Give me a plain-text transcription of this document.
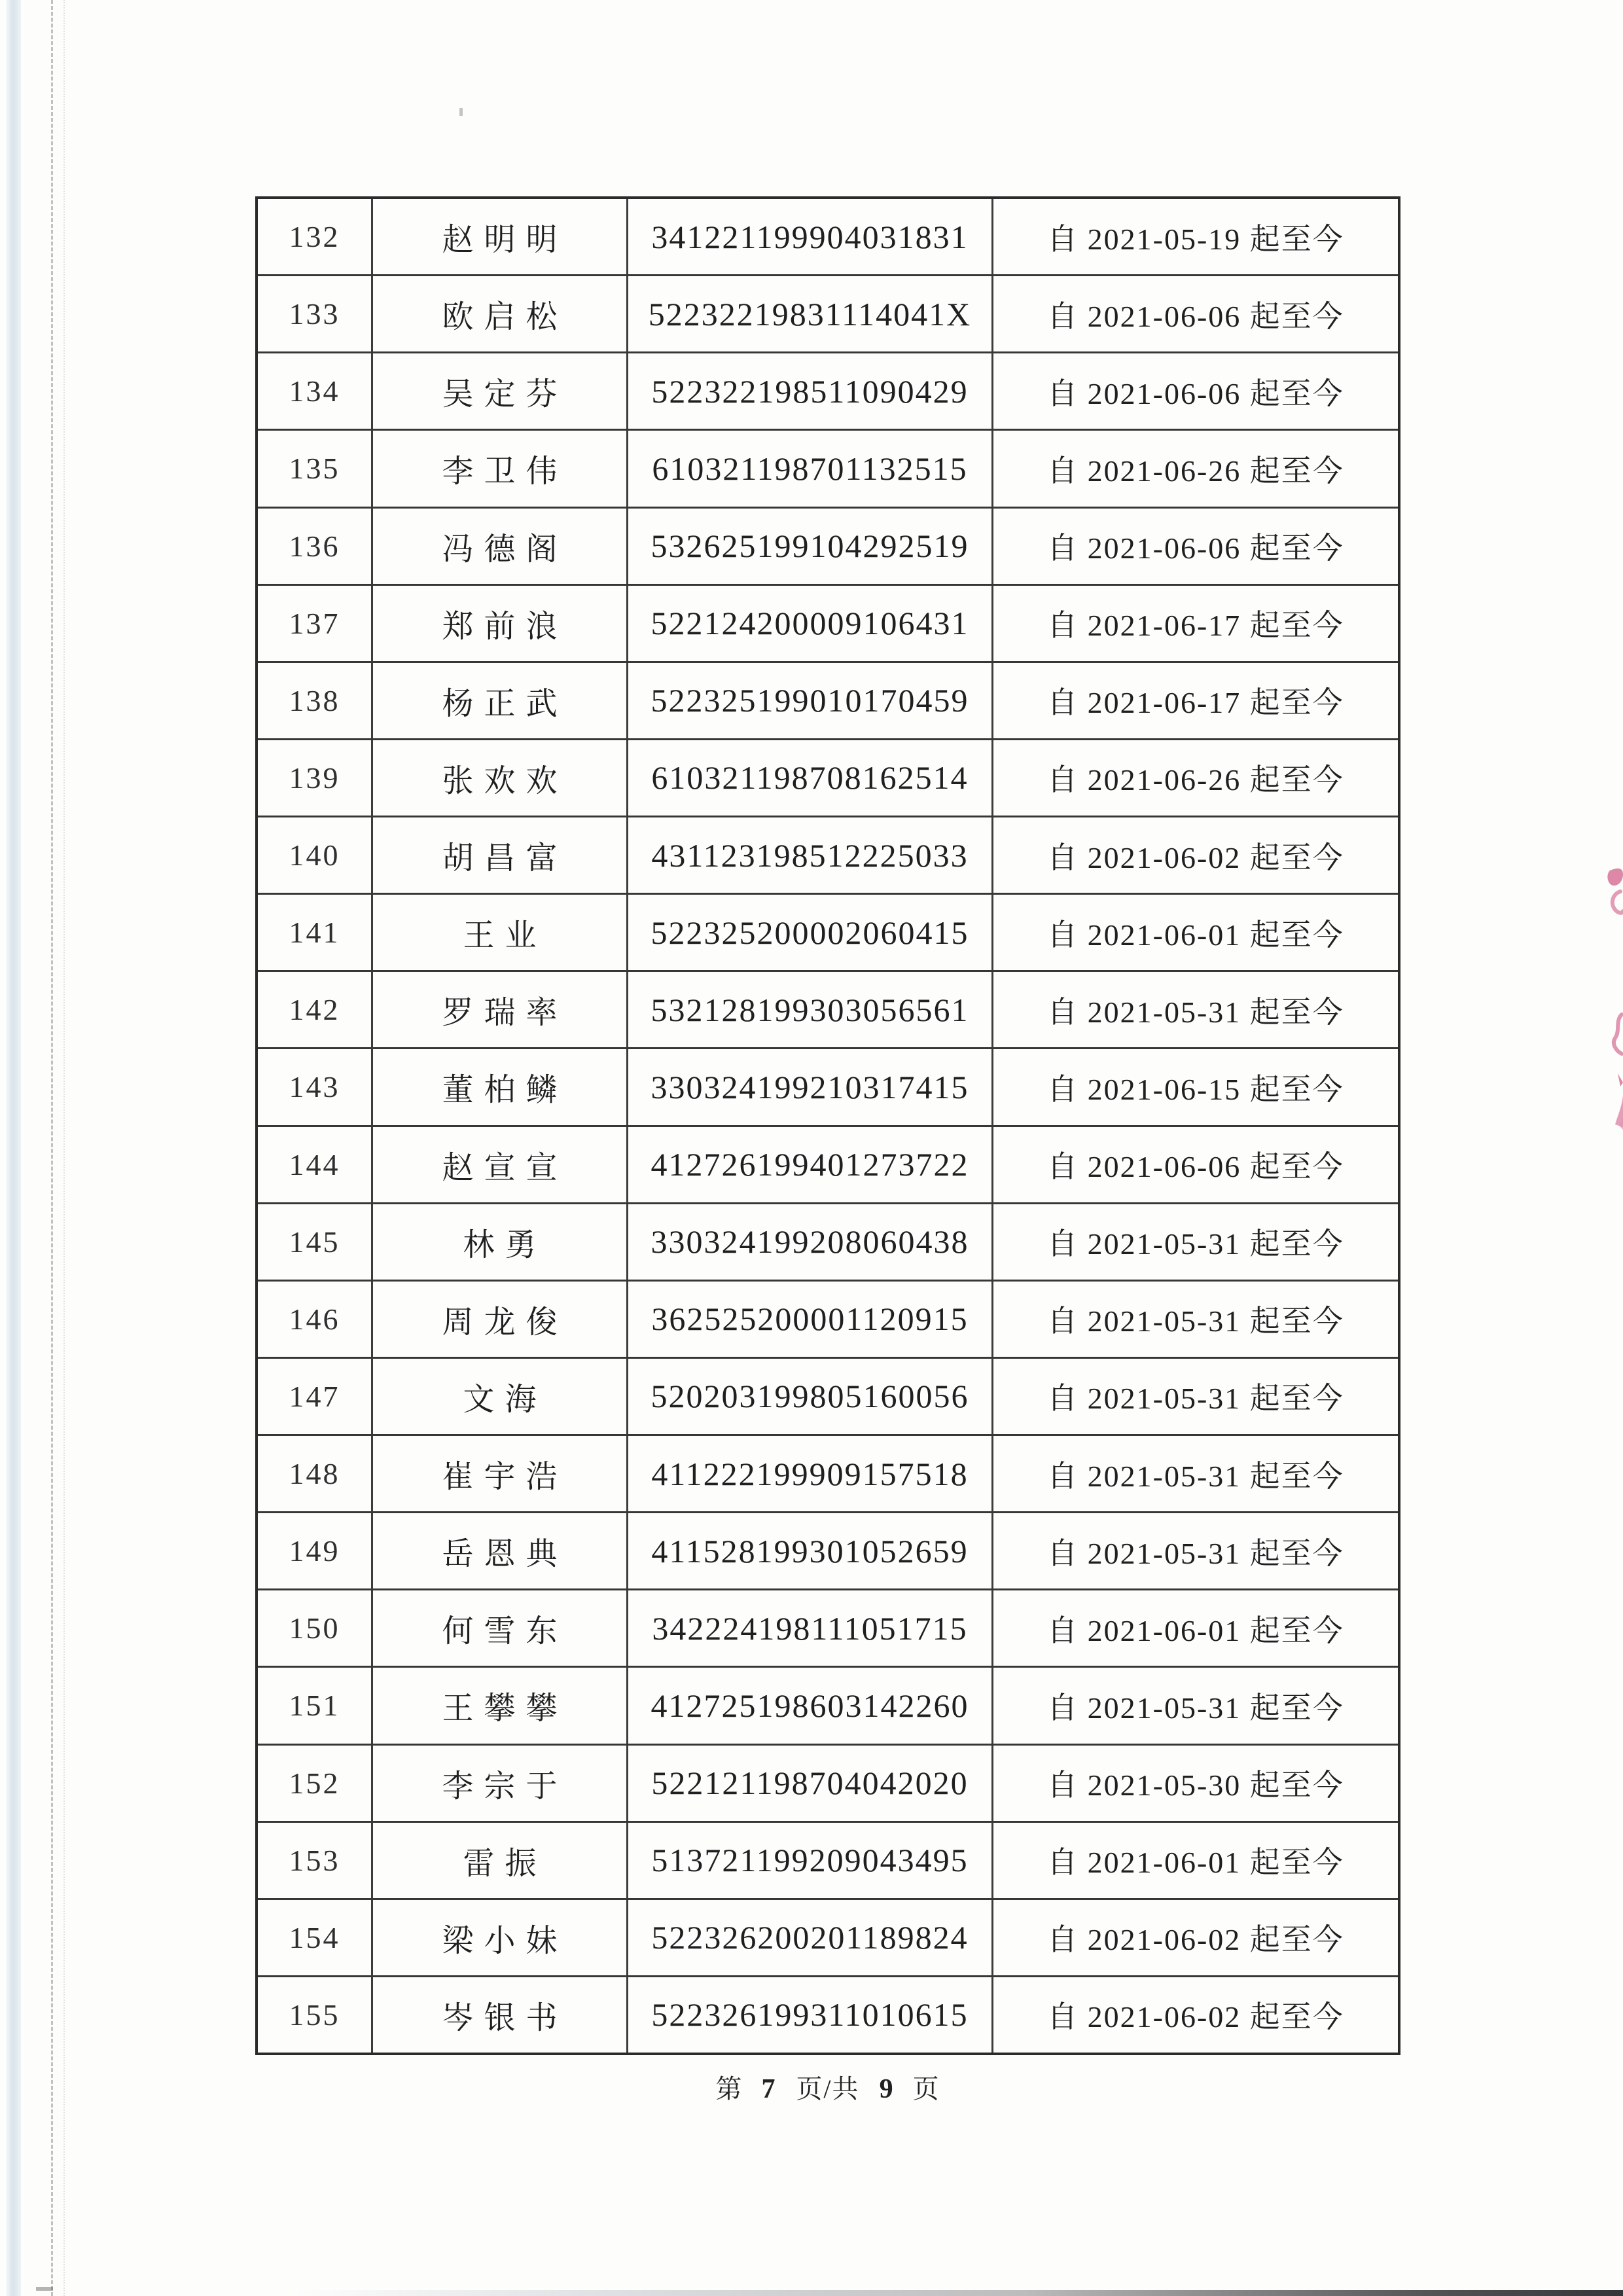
132	赵明明	341221199904031831	自 2021-05-19 起至今
133	欧启松	52232219831114041X	自 2021-06-06 起至今
134	吴定芬	522322198511090429	自 2021-06-06 起至今
135	李卫伟	610321198701132515	自 2021-06-26 起至今
136	冯德阁	532625199104292519	自 2021-06-06 起至今
137	郑前浪	522124200009106431	自 2021-06-17 起至今
138	杨正武	522325199010170459	自 2021-06-17 起至今
139	张欢欢	610321198708162514	自 2021-06-26 起至今
140	胡昌富	431123198512225033	自 2021-06-02 起至今
141	王业	522325200002060415	自 2021-06-01 起至今
142	罗瑞率	532128199303056561	自 2021-05-31 起至今
143	董柏鳞	330324199210317415	自 2021-06-15 起至今
144	赵宣宣	412726199401273722	自 2021-06-06 起至今
145	林勇	330324199208060438	自 2021-05-31 起至今
146	周龙俊	362525200001120915	自 2021-05-31 起至今
147	文海	520203199805160056	自 2021-05-31 起至今
148	崔宇浩	411222199909157518	自 2021-05-31 起至今
149	岳恩典	411528199301052659	自 2021-05-31 起至今
150	何雪东	342224198111051715	自 2021-06-01 起至今
151	王攀攀	412725198603142260	自 2021-05-31 起至今
152	李宗于	522121198704042020	自 2021-05-30 起至今
153	雷振	513721199209043495	自 2021-06-01 起至今
154	梁小妹	522326200201189824	自 2021-06-02 起至今
155	岑银书	522326199311010615	自 2021-06-02 起至今
第 7 页/共 9 页
